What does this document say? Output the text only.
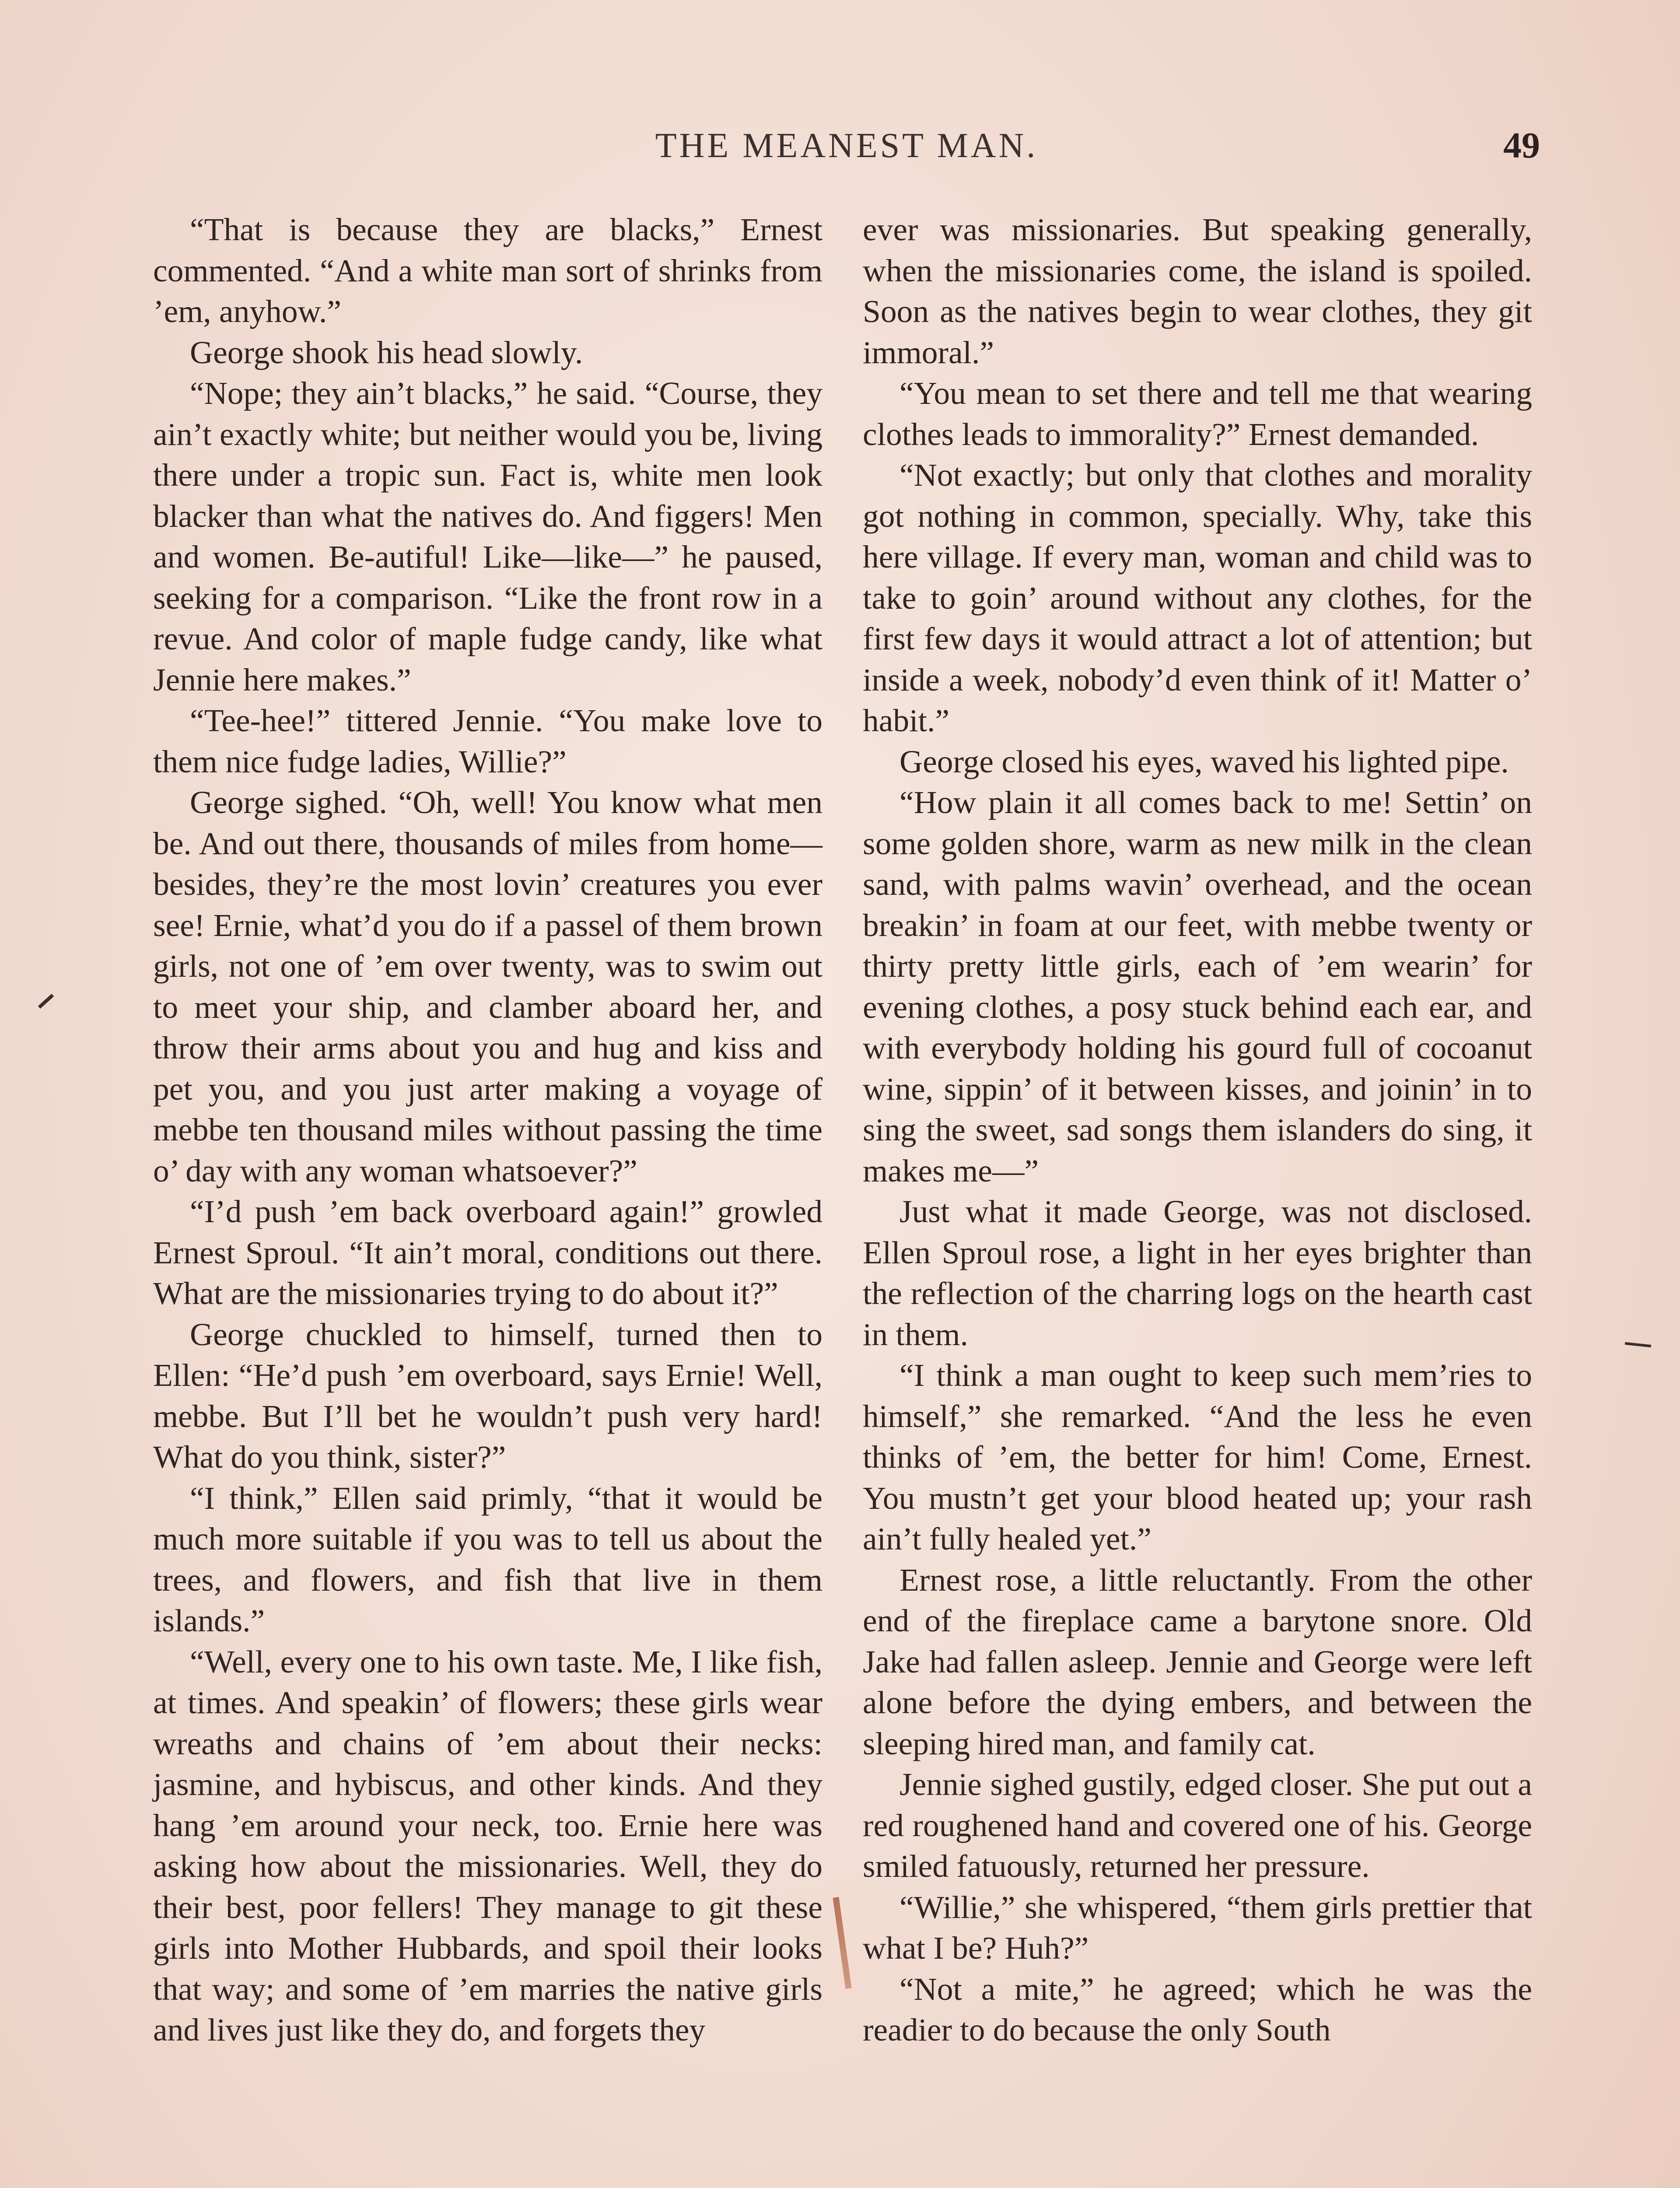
THE MEANEST MAN.	49

“That is because they are blacks,” Ernest commented. “And a white man sort of shrinks from ’em, anyhow.”

George shook his head slowly.

“Nope; they ain’t blacks,” he said. “Course, they ain’t exactly white; but neither would you be, living there under a tropic sun. Fact is, white men look blacker than what the natives do. And figgers! Men and women. Be-autiful! Like—like—” he paused, seeking for a comparison. “Like the front row in a revue. And color of maple fudge candy, like what Jennie here makes.”

“Tee-hee!” tittered Jennie. “You make love to them nice fudge ladies, Willie?”

George sighed. “Oh, well! You know what men be. And out there, thousands of miles from home—besides, they’re the most lovin’ creatures you ever see! Ernie, what’d you do if a passel of them brown girls, not one of ’em over twenty, was to swim out to meet your ship, and clamber aboard her, and throw their arms about you and hug and kiss and pet you, and you just arter making a voyage of mebbe ten thousand miles without passing the time o’ day with any woman whatsoever?”

“I’d push ’em back overboard again!” growled Ernest Sproul. “It ain’t moral, conditions out there. What are the missionaries trying to do about it?”

George chuckled to himself, turned then to Ellen: “He’d push ’em overboard, says Ernie! Well, mebbe. But I’ll bet he wouldn’t push very hard! What do you think, sister?”

“I think,” Ellen said primly, “that it would be much more suitable if you was to tell us about the trees, and flowers, and fish that live in them islands.”

“Well, every one to his own taste. Me, I like fish, at times. And speakin’ of flowers; these girls wear wreaths and chains of ’em about their necks: jasmine, and hybiscus, and other kinds. And they hang ’em around your neck, too. Ernie here was asking how about the missionaries. Well, they do their best, poor fellers! They manage to git these girls into Mother Hubbards, and spoil their looks that way; and some of ’em marries the native girls and lives just like they do, and forgets they

ever was missionaries. But speaking generally, when the missionaries come, the island is spoiled. Soon as the natives begin to wear clothes, they git immoral.”

“You mean to set there and tell me that wearing clothes leads to immorality?” Ernest demanded.

“Not exactly; but only that clothes and morality got nothing in common, specially. Why, take this here village. If every man, woman and child was to take to goin’ around without any clothes, for the first few days it would attract a lot of attention; but inside a week, nobody’d even think of it! Matter o’ habit.”

George closed his eyes, waved his lighted pipe.

“How plain it all comes back to me! Settin’ on some golden shore, warm as new milk in the clean sand, with palms wavin’ overhead, and the ocean breakin’ in foam at our feet, with mebbe twenty or thirty pretty little girls, each of ’em wearin’ for evening clothes, a posy stuck behind each ear, and with everybody holding his gourd full of cocoanut wine, sippin’ of it between kisses, and joinin’ in to sing the sweet, sad songs them islanders do sing, it makes me—”

Just what it made George, was not disclosed. Ellen Sproul rose, a light in her eyes brighter than the reflection of the charring logs on the hearth cast in them.

“I think a man ought to keep such mem’ries to himself,” she remarked. “And the less he even thinks of ’em, the better for him! Come, Ernest. You mustn’t get your blood heated up; your rash ain’t fully healed yet.”

Ernest rose, a little reluctantly. From the other end of the fireplace came a barytone snore. Old Jake had fallen asleep. Jennie and George were left alone before the dying embers, and between the sleeping hired man, and family cat.

Jennie sighed gustily, edged closer. She put out a red roughened hand and covered one of his. George smiled fatuously, returned her pressure.

“Willie,” she whispered, “them girls prettier that what I be? Huh?”

“Not a mite,” he agreed; which he was the readier to do because the only South
